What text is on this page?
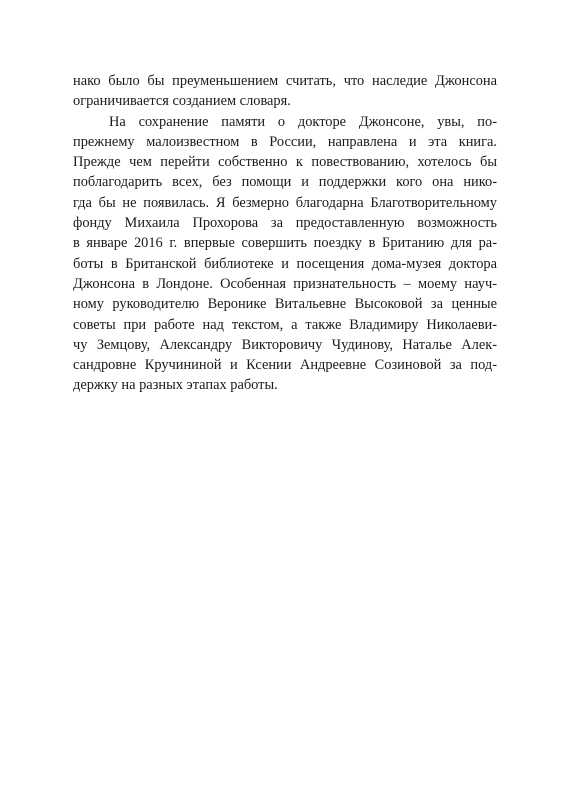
нако было бы преуменьшением считать, что наследие Джонсона
ограничивается созданием словаря.
На сохранение памяти о докторе Джонсоне, увы, по-
прежнему малоизвестном в России, направлена и эта книга.
Прежде чем перейти собственно к повествованию, хотелось бы
поблагодарить всех, без помощи и поддержки кого она нико-
гда бы не появилась. Я безмерно благодарна Благотворительному
фонду Михаила Прохорова за предоставленную возможность
в январе 2016 г. впервые совершить поездку в Британию для ра-
боты в Британской библиотеке и посещения дома-музея доктора
Джонсона в Лондоне. Особенная признательность – моему науч-
ному руководителю Веронике Витальевне Высоковой за ценные
советы при работе над текстом, а также Владимиру Николаеви-
чу Земцову, Александру Викторовичу Чудинову, Наталье Алек-
сандровне Кручининой и Ксении Андреевне Созиновой за под-
держку на разных этапах работы.
